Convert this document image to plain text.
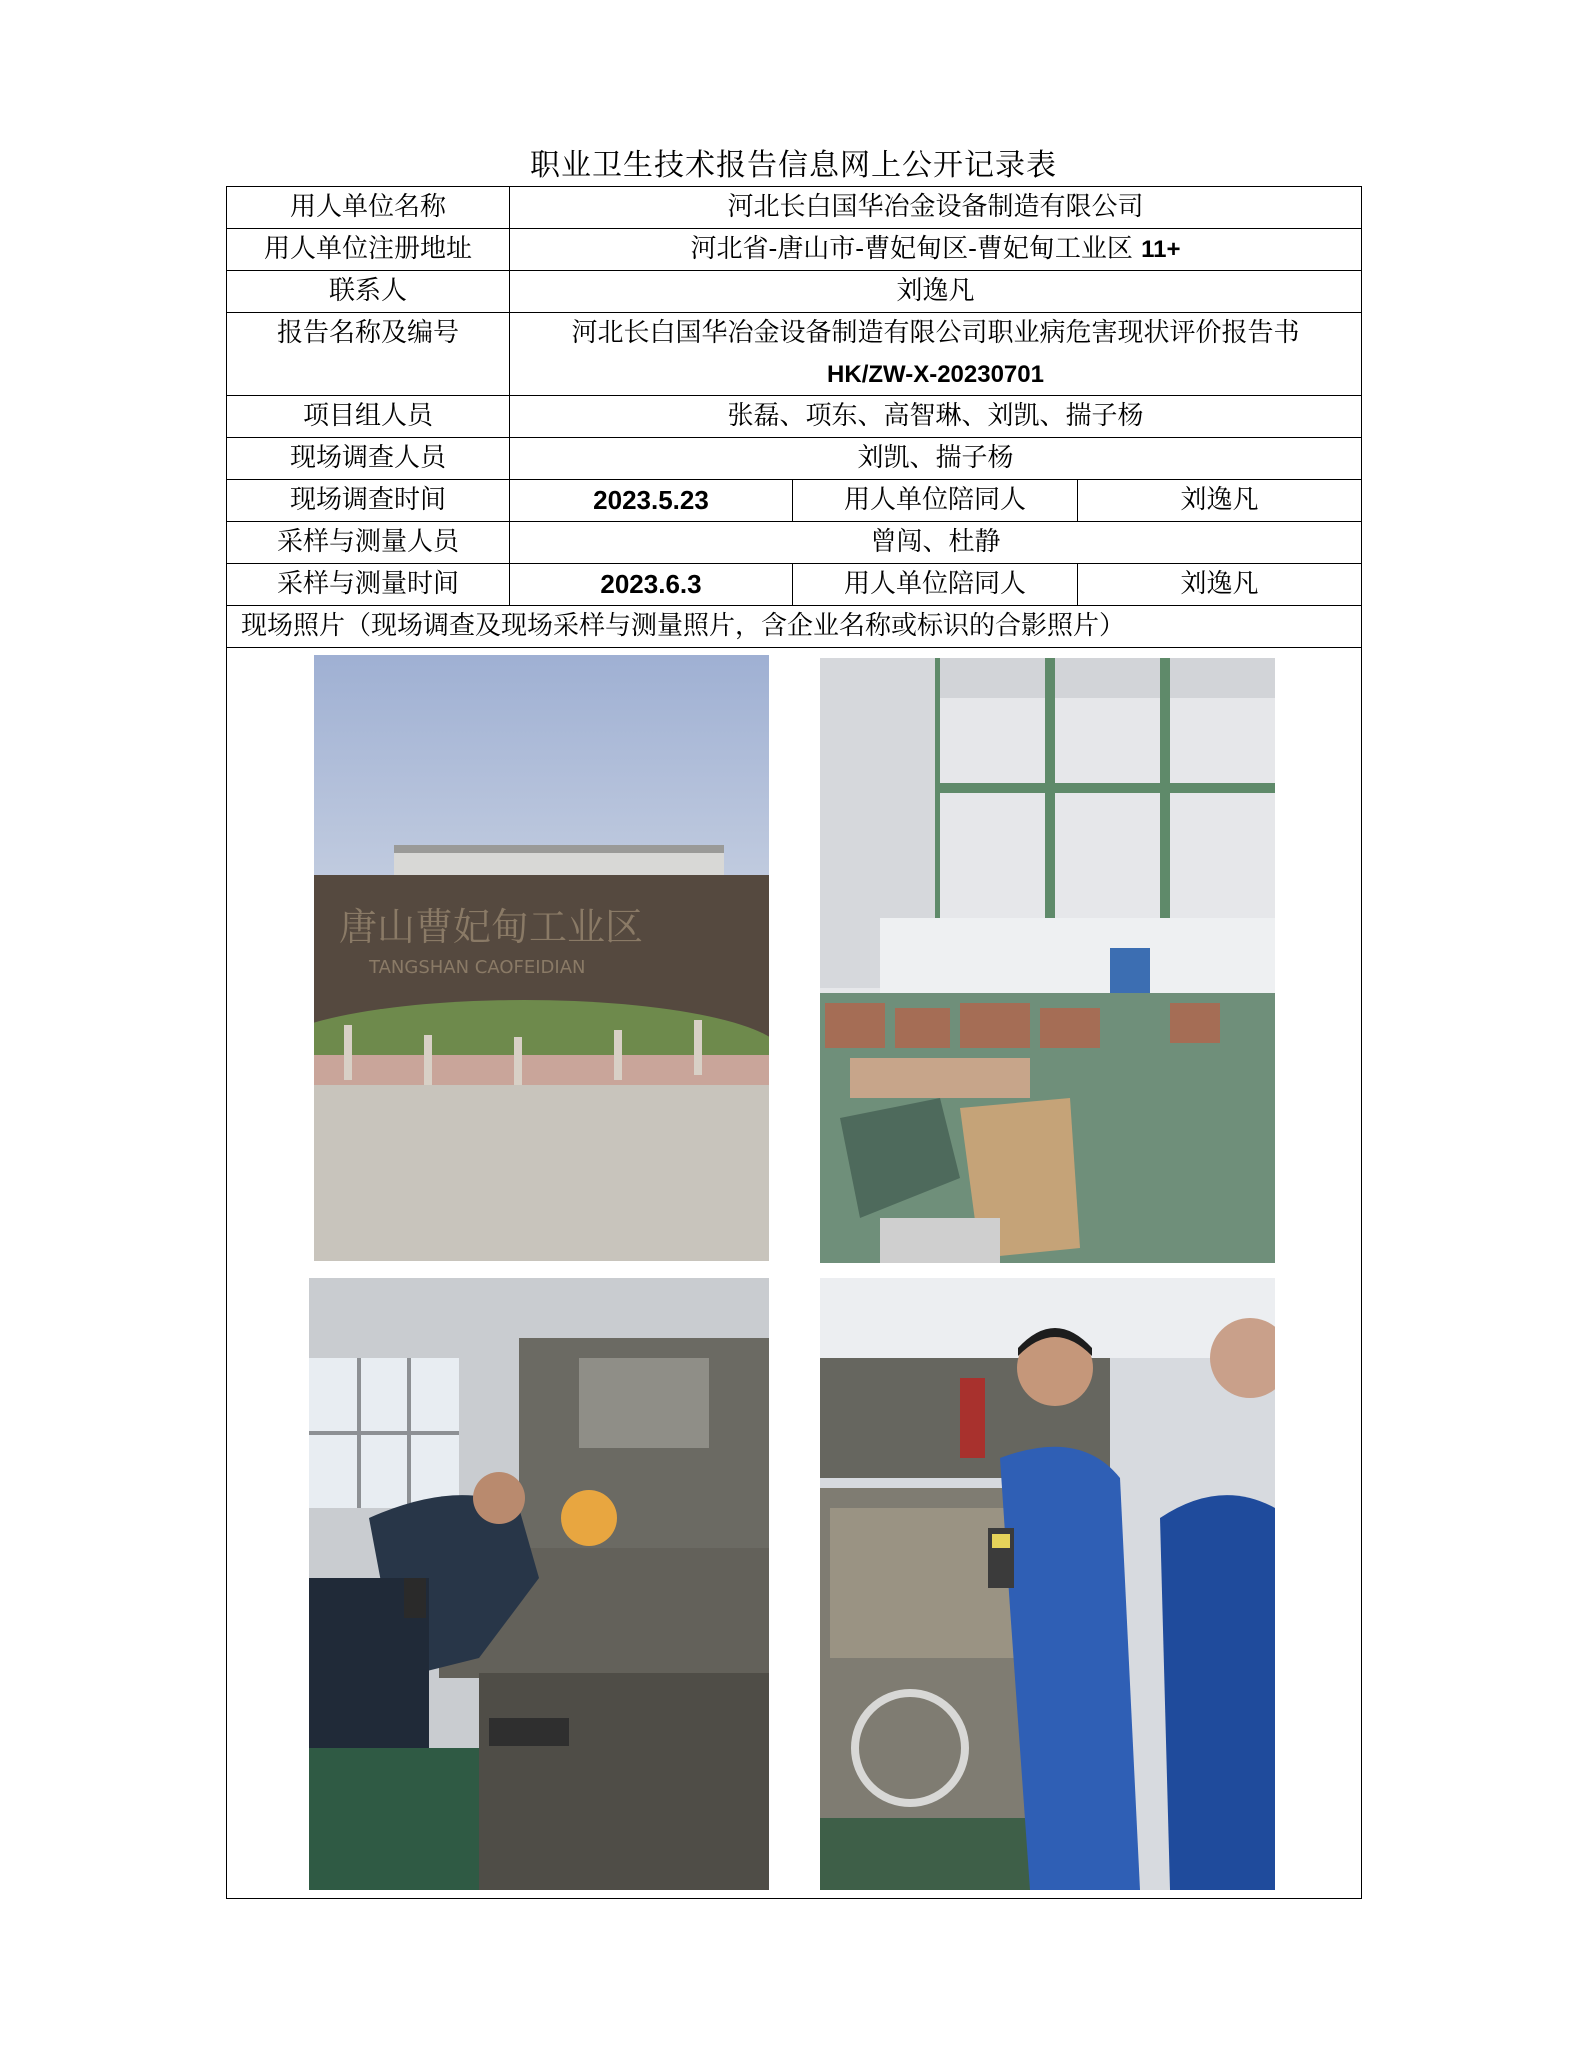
职业卫生技术报告信息网上公开记录表
用人单位名称	河北长白国华冶金设备制造有限公司		
用人单位注册地址	河北省-唐山市-曹妃甸区-曹妃甸工业区 11+		
联系人	刘逸凡		
报告名称及编号	河北长白国华冶金设备制造有限公司职业病危害现状评价报告书
HK/ZW-X-20230701		

项目组人员	张磊、项东、高智琳、刘凯、揣子杨		
现场调查人员	刘凯、揣子杨		
现场调查时间	2023.5.23	用人单位陪同人	刘逸凡
采样与测量人员	曾闯、杜静		
采样与测量时间	2023.6.3	用人单位陪同人	刘逸凡
现场照片（现场调查及现场采样与测量照片，含企业名称或标识的合影照片）			

唐山曹妃甸工业区
TANGSHAN CAOFEIDIAN			
